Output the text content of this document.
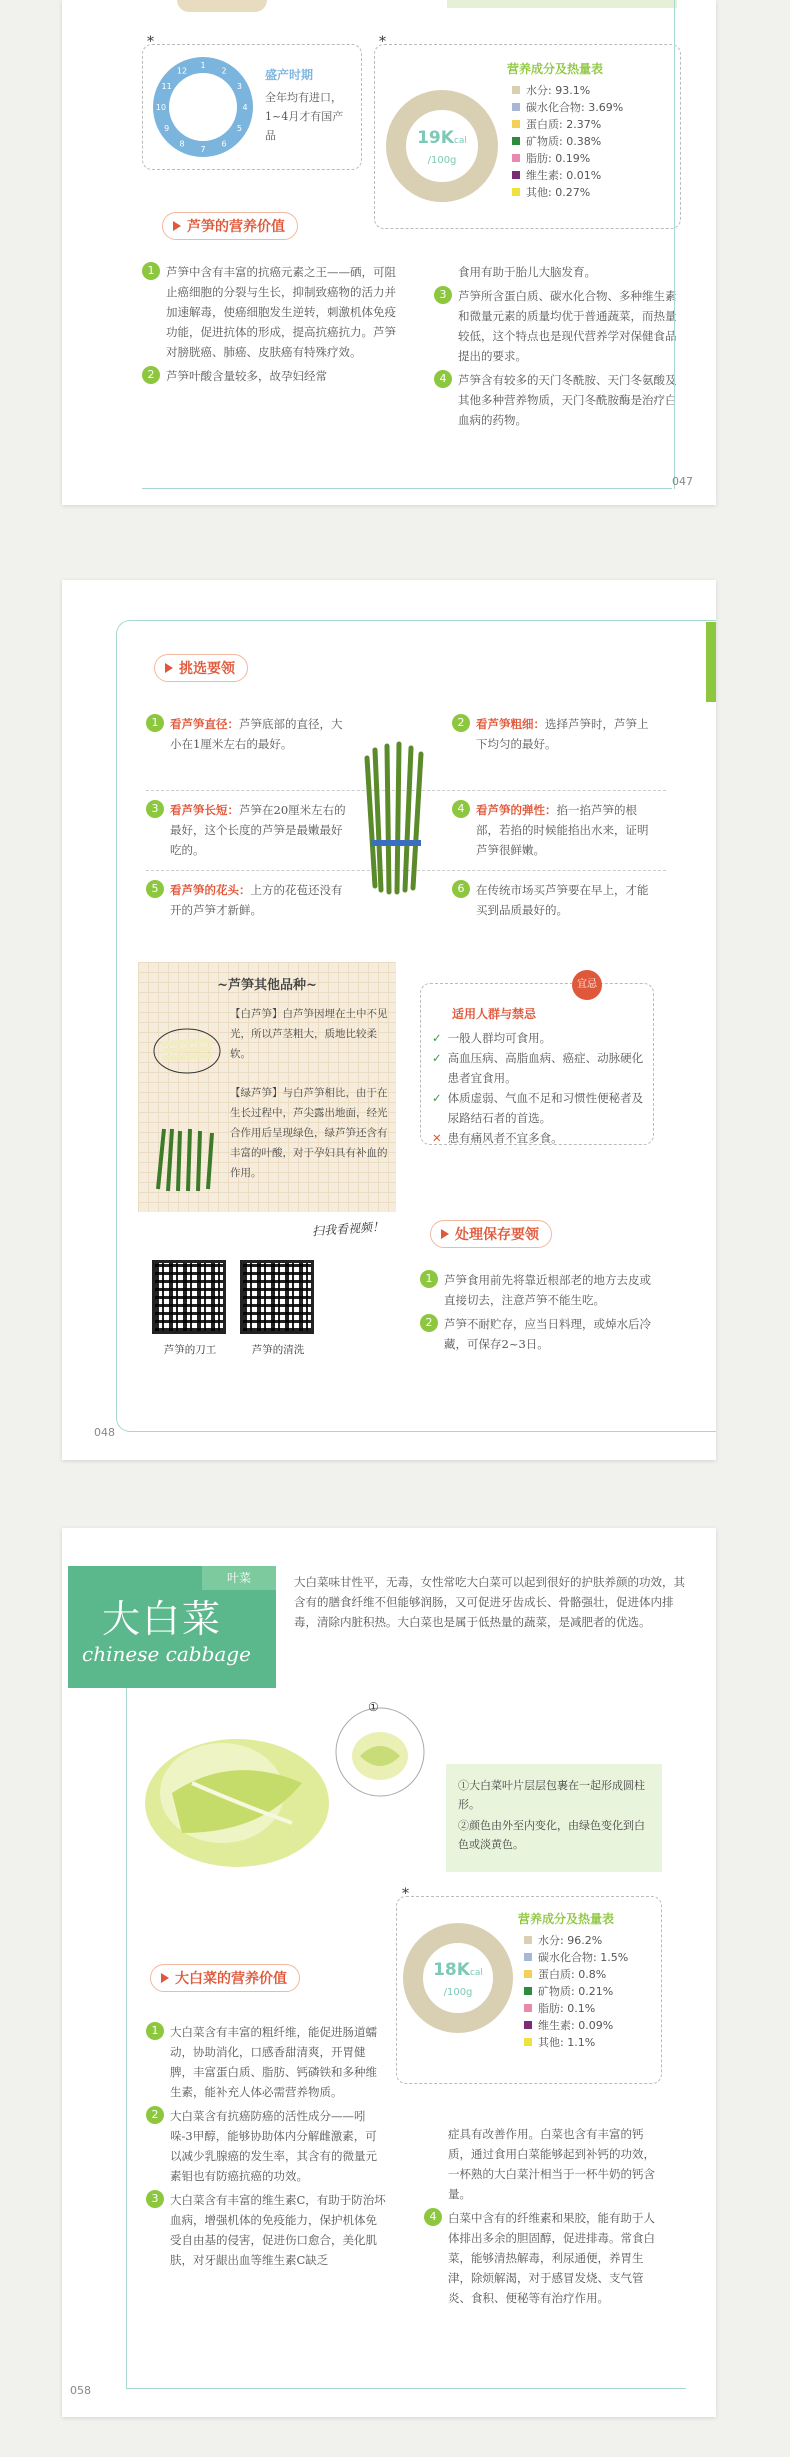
*
1
2
3
4
5
6
7
8
9
10
11
12	盛产时期
全年均有进口，1~4月才有国产品
*
营养成分及热量表
19Kcal
/100g
水分: 93.1%
碳水化合物: 3.69%
蛋白质: 2.37%
矿物质: 0.38%
脂肪: 0.19%
维生素: 0.01%
其他: 0.27%
芦笋的营养价值
1	芦笋中含有丰富的抗癌元素之王——硒，可阻止癌细胞的分裂与生长，抑制致癌物的活力并加速解毒，使癌细胞发生逆转，刺激机体免疫功能，促进抗体的形成，提高抗癌抗力。芦笋对膀胱癌、肺癌、皮肤癌有特殊疗效。
2	芦笋叶酸含量较多，故孕妇经常
食用有助于胎儿大脑发育。
3	芦笋所含蛋白质、碳水化合物、多种维生素和微量元素的质量均优于普通蔬菜，而热量较低，这个特点也是现代营养学对保健食品提出的要求。
4	芦笋含有较多的天门冬酰胺、天门冬氨酸及其他多种营养物质，天门冬酰胺酶是治疗白血病的药物。
047
挑选要领
1	看芦笋直径：芦笋底部的直径，大小在1厘米左右的最好。
2	看芦笋粗细：选择芦笋时，芦笋上下均匀的最好。
3	看芦笋长短：芦笋在20厘米左右的最好，这个长度的芦笋是最嫩最好吃的。
4	看芦笋的弹性：掐一掐芦笋的根部，若掐的时候能掐出水来，证明芦笋很鲜嫩。
5	看芦笋的花头：上方的花苞还没有开的芦笋才新鲜。
6	在传统市场买芦笋要在早上，才能买到品质最好的。
~芦笋其他品种~
【白芦笋】白芦笋因埋在土中不见光，所以芦茎粗大，质地比较柔软。
【绿芦笋】与白芦笋相比，由于在生长过程中，芦尖露出地面，经光合作用后呈现绿色，绿芦笋还含有丰富的叶酸，对于孕妇具有补血的作用。
宜忌
适用人群与禁忌
✓ 一般人群均可食用。
✓ 高血压病、高脂血病、癌症、动脉硬化患者宜食用。
✓ 体质虚弱、气血不足和习惯性便秘者及尿路结石者的首选。
✕ 患有痛风者不宜多食。
扫我看视频！
芦笋的刀工	芦笋的清洗
处理保存要领
1	芦笋食用前先将靠近根部老的地方去皮或直接切去，注意芦笋不能生吃。
2	芦笋不耐贮存，应当日料理，或焯水后冷藏，可保存2~3日。
048
叶菜
大白菜
chinese cabbage
大白菜味甘性平，无毒，女性常吃大白菜可以起到很好的护肤养颜的功效，其含有的膳食纤维不但能够润肠，又可促进牙齿成长、骨骼强壮，促进体内排毒，清除内脏积热。大白菜也是属于低热量的蔬菜，是减肥者的优选。
①
①大白菜叶片层层包裹在一起形成圆柱形。
②颜色由外至内变化，由绿色变化到白色或淡黄色。
*
营养成分及热量表
18Kcal
/100g
水分: 96.2%
碳水化合物: 1.5%
蛋白质: 0.8%
矿物质: 0.21%
脂肪: 0.1%
维生素: 0.09%
其他: 1.1%
大白菜的营养价值
1	大白菜含有丰富的粗纤维，能促进肠道蠕动，协助消化，口感香甜清爽，开胃健脾，丰富蛋白质、脂肪、钙磷铁和多种维生素，能补充人体必需营养物质。
2	大白菜含有抗癌防癌的活性成分——吲哚-3甲醇，能够协助体内分解雌激素，可以减少乳腺癌的发生率，其含有的微量元素钼也有防癌抗癌的功效。
3	大白菜含有丰富的维生素C，有助于防治坏血病，增强机体的免疫能力，保护机体免受自由基的侵害，促进伤口愈合，美化肌肤，对牙龈出血等维生素C缺乏
症具有改善作用。白菜也含有丰富的钙质，通过食用白菜能够起到补钙的功效，一杯熟的大白菜汁相当于一杯牛奶的钙含量。
4	白菜中含有的纤维素和果胶，能有助于人体排出多余的胆固醇，促进排毒。常食白菜，能够清热解毒，利尿通便，养胃生津，除烦解渴，对于感冒发烧、支气管炎、食积、便秘等有治疗作用。
058
